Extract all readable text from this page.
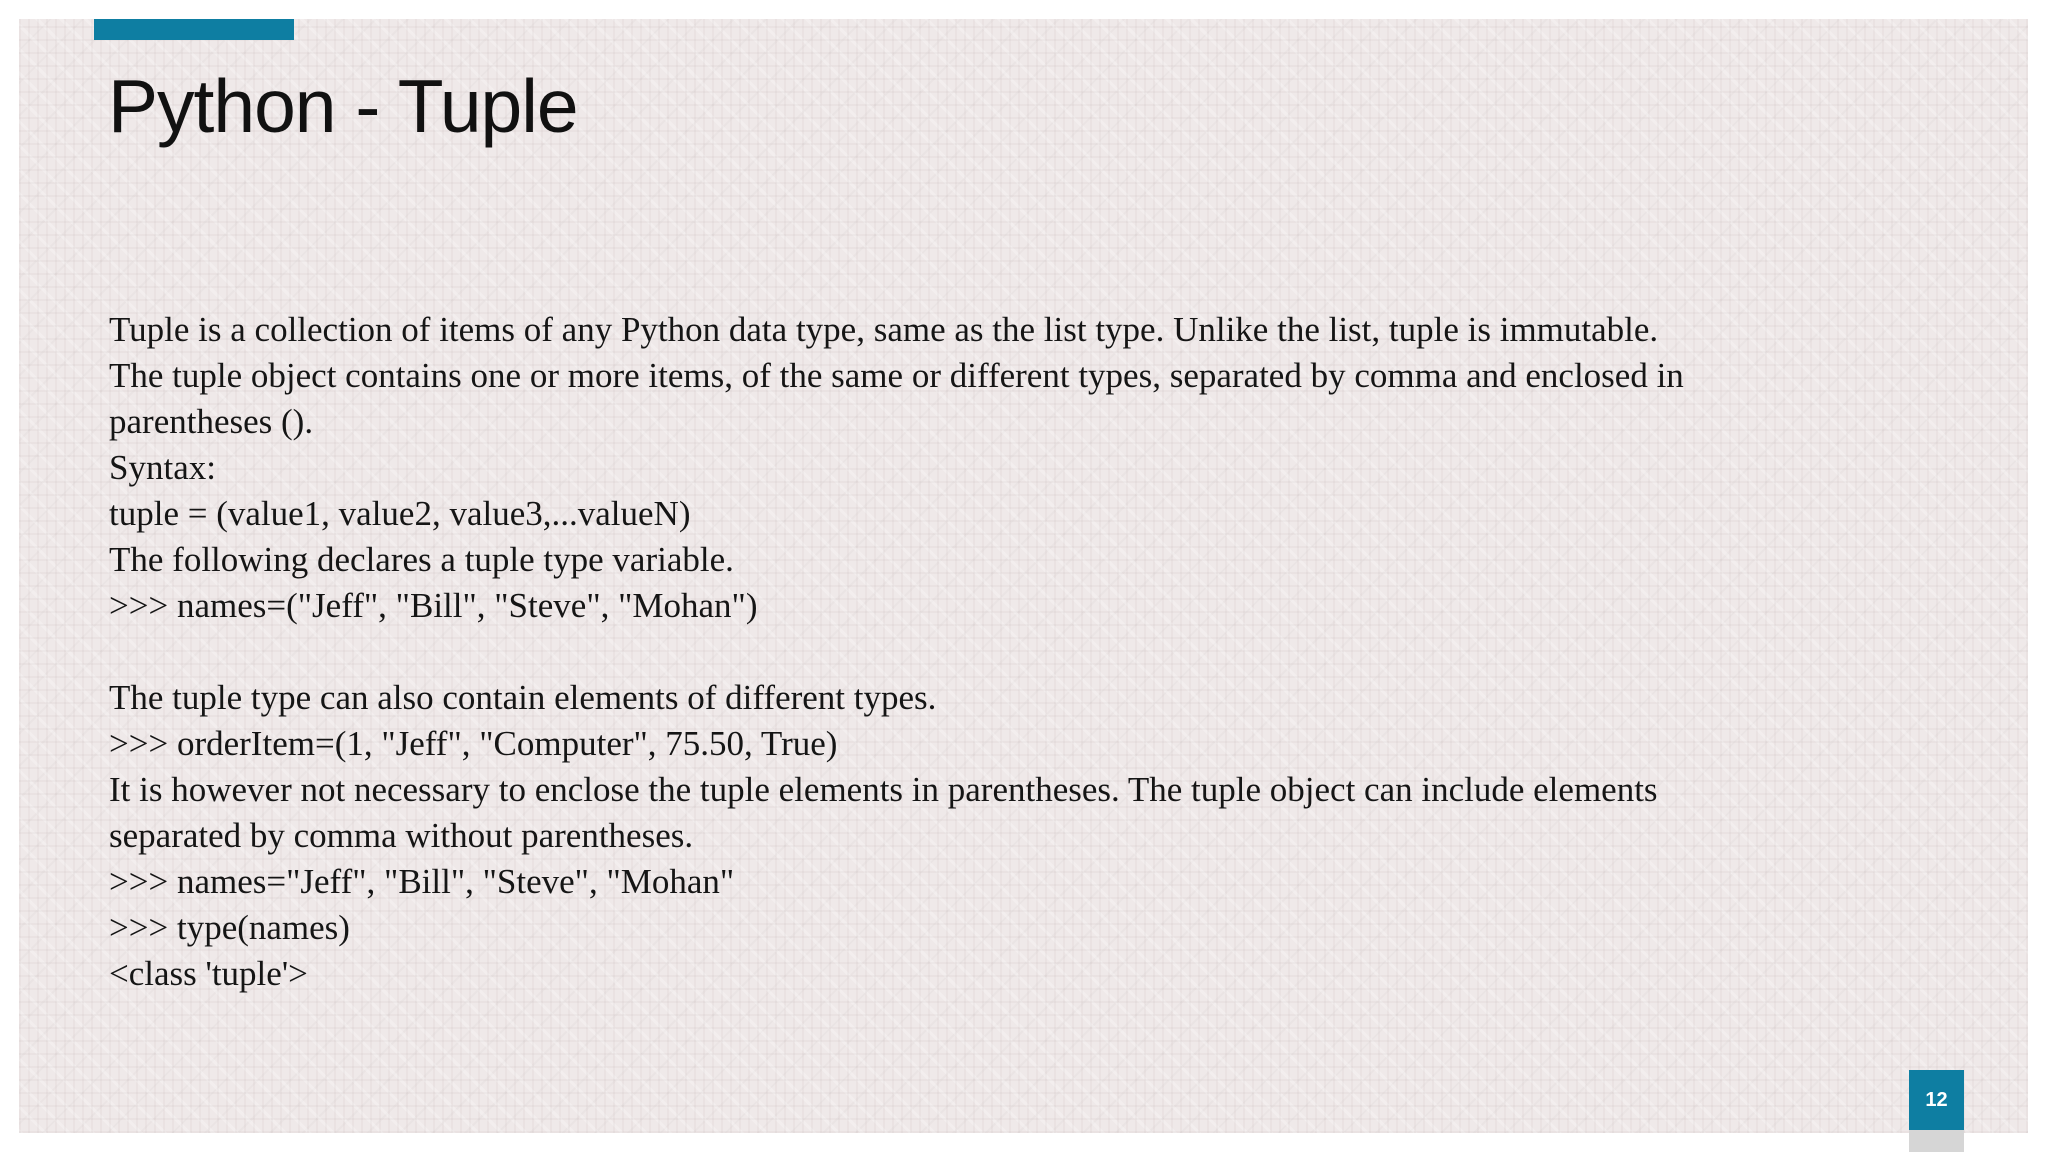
Python - Tuple
Tuple is a collection of items of any Python data type, same as the list type. Unlike the list, tuple is immutable.
The tuple object contains one or more items, of the same or different types, separated by comma and enclosed in
parentheses ().
Syntax:
tuple = (value1, value2, value3,...valueN)
The following declares a tuple type variable.
>>> names=("Jeff", "Bill", "Steve", "Mohan")
The tuple type can also contain elements of different types.
>>> orderItem=(1, "Jeff", "Computer", 75.50, True)
It is however not necessary to enclose the tuple elements in parentheses. The tuple object can include elements
separated by comma without parentheses.
>>> names="Jeff", "Bill", "Steve", "Mohan"
>>> type(names)
<class 'tuple'>
12
